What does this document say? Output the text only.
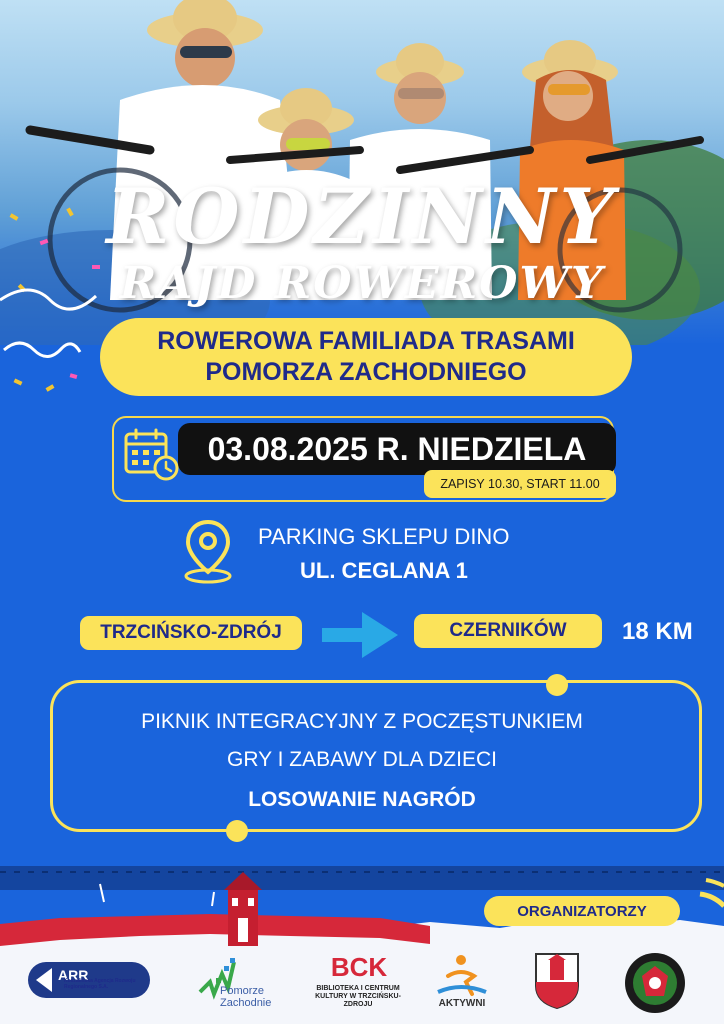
RODZINNY
RAJD ROWEROWY
ROWEROWA FAMILIADA TRASAMI
POMORZA ZACHODNIEGO
03.08.2025 R. NIEDZIELA
ZAPISY 10.30, START 11.00
PARKING SKLEPU DINO
UL. CEGLANA 1
TRZCIŃSKO-ZDRÓJ	CZERNIKÓW	18 KM
PIKNIK INTEGRACYJNY Z POCZĘSTUNKIEM
GRY I ZABAWY DLA DZIECI
LOSOWANIE NAGRÓD
ORGANIZATORZY
ARR
Koszalińska Agencja Rozwoju Regionalnego S.A.	Pomorze Zachodnie
BCK
BIBLIOTEKA I CENTRUM KULTURY W TRZCIŃSKU-ZDROJU	AKTYWNI
